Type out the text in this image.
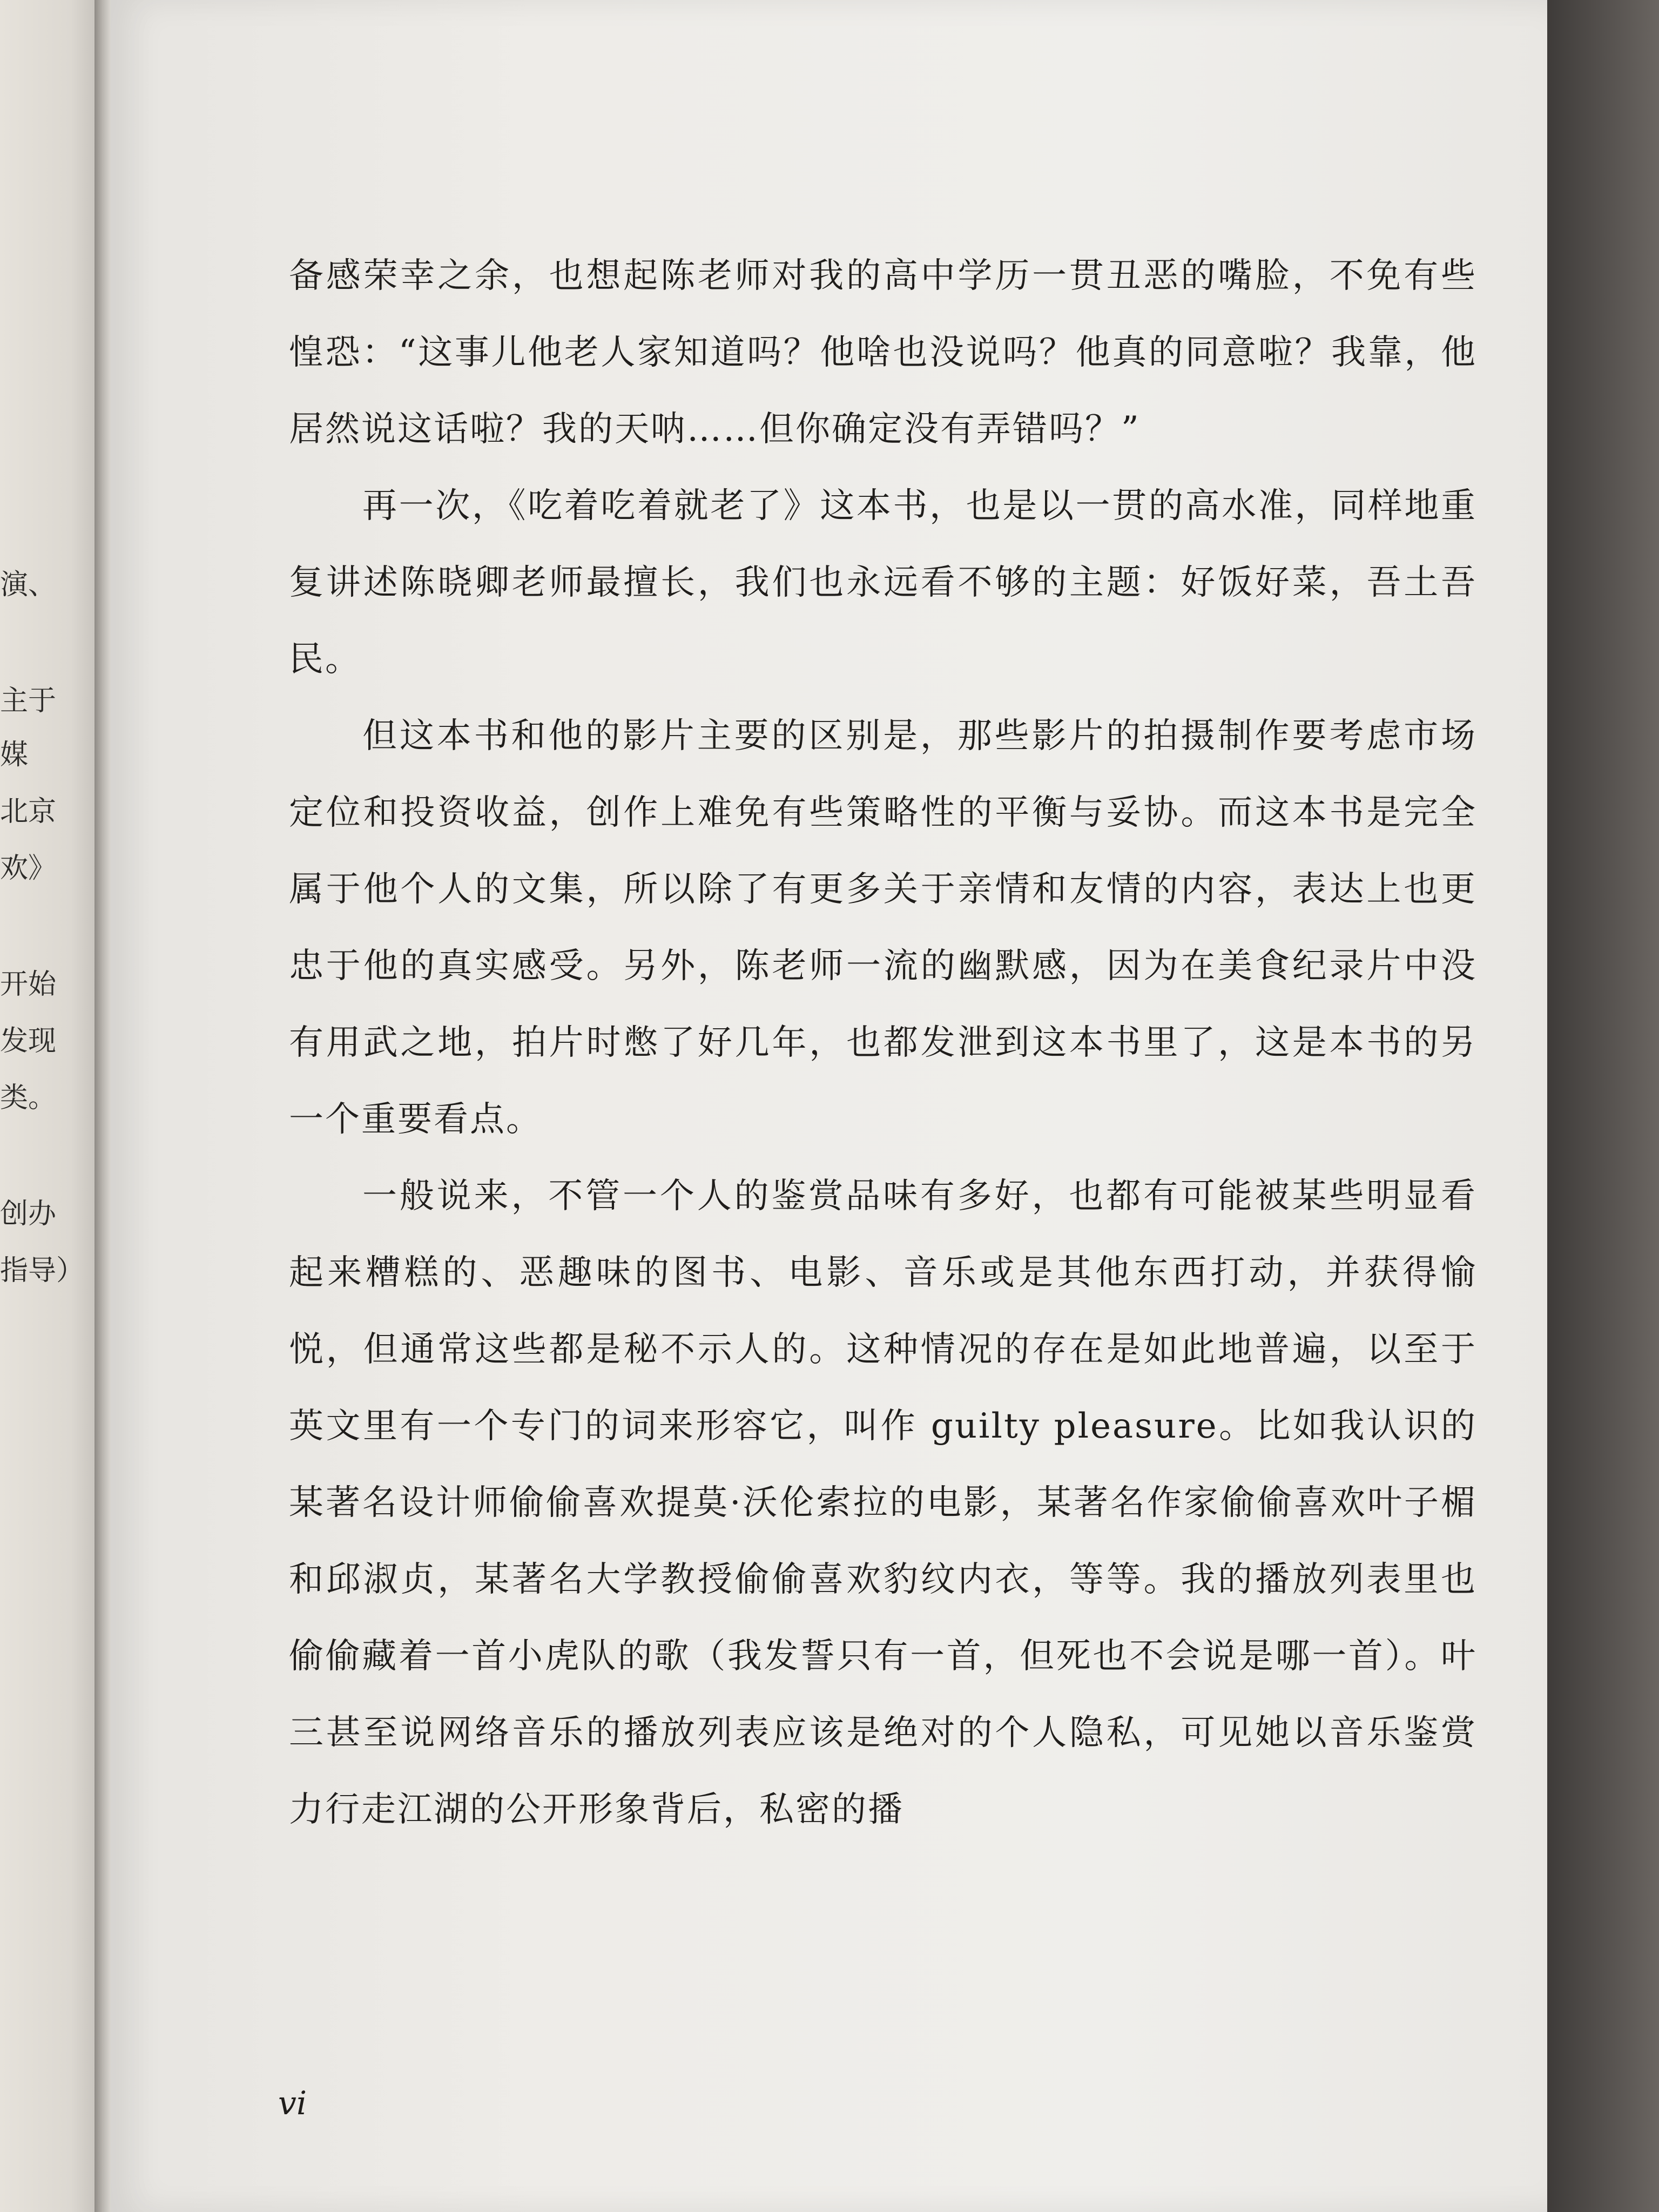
演、
主于
媒
北京
欢》
开始
发现
类。
创办
指导）

备感荣幸之余，也想起陈老师对我的高中学历一贯丑恶的嘴脸，不免有些惶恐：“这事儿他老人家知道吗？他啥也没说吗？他真的同意啦？我靠，他居然说这话啦？我的天呐……但你确定没有弄错吗？”

再一次，《吃着吃着就老了》这本书，也是以一贯的高水准，同样地重复讲述陈晓卿老师最擅长，我们也永远看不够的主题：好饭好菜，吾土吾民。

但这本书和他的影片主要的区别是，那些影片的拍摄制作要考虑市场定位和投资收益，创作上难免有些策略性的平衡与妥协。而这本书是完全属于他个人的文集，所以除了有更多关于亲情和友情的内容，表达上也更忠于他的真实感受。另外，陈老师一流的幽默感，因为在美食纪录片中没有用武之地，拍片时憋了好几年，也都发泄到这本书里了，这是本书的另一个重要看点。

一般说来，不管一个人的鉴赏品味有多好，也都有可能被某些明显看起来糟糕的、恶趣味的图书、电影、音乐或是其他东西打动，并获得愉悦，但通常这些都是秘不示人的。这种情况的存在是如此地普遍，以至于英文里有一个专门的词来形容它，叫作 guilty pleasure。比如我认识的某著名设计师偷偷喜欢提莫·沃伦索拉的电影，某著名作家偷偷喜欢叶子楣和邱淑贞，某著名大学教授偷偷喜欢豹纹内衣，等等。我的播放列表里也偷偷藏着一首小虎队的歌（我发誓只有一首，但死也不会说是哪一首）。叶三甚至说网络音乐的播放列表应该是绝对的个人隐私，可见她以音乐鉴赏力行走江湖的公开形象背后，私密的播

vi
